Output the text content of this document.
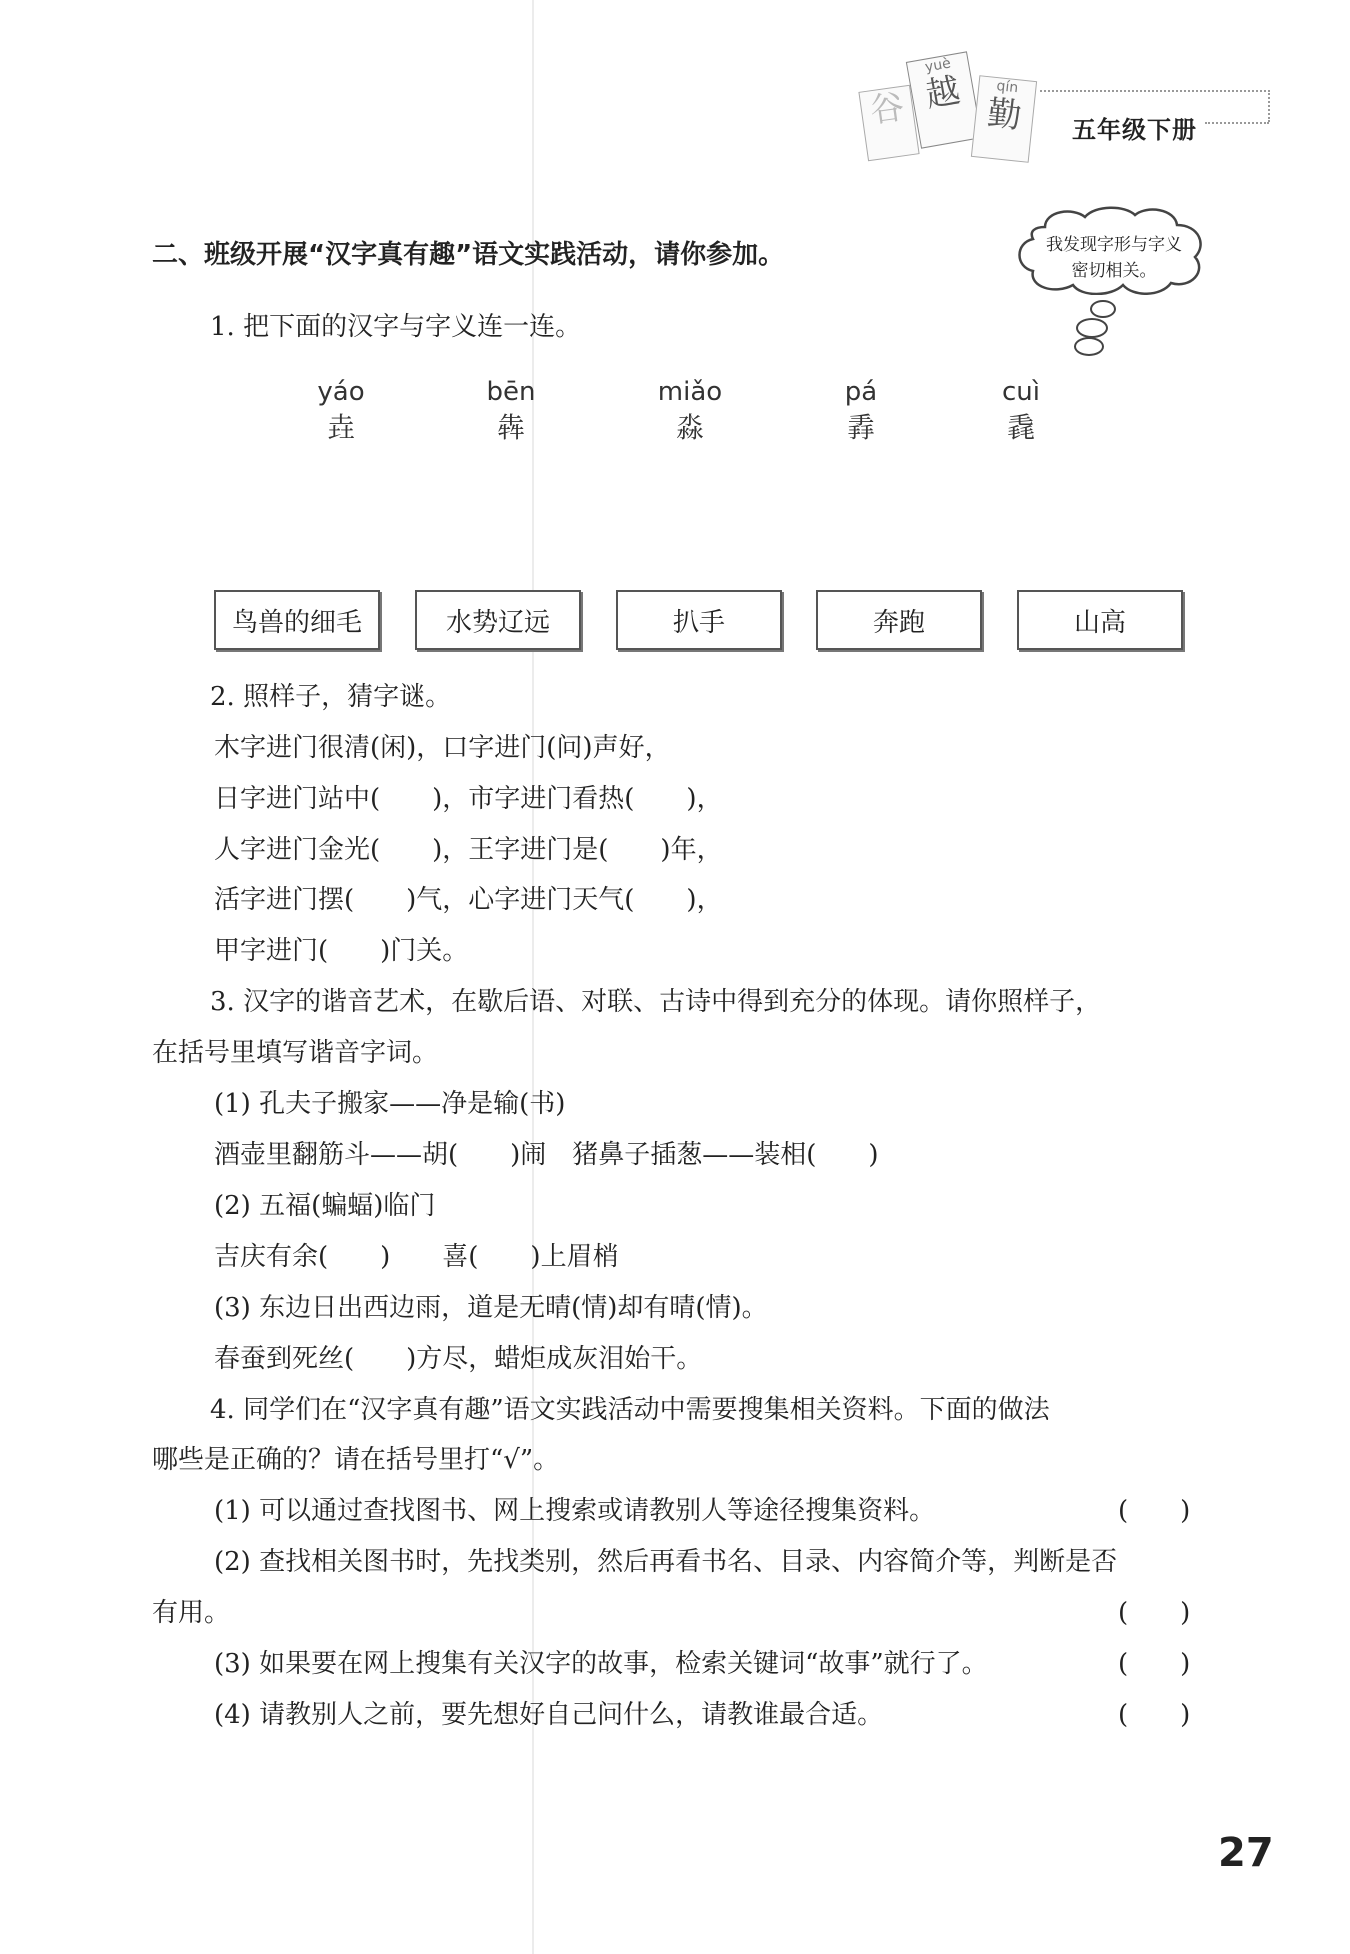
谷
yuè
越	qín
勤	五年级下册
我发现字形与字义密切相关。
二、班级开展“汉字真有趣”语文实践活动，请你参加。
1. 把下面的汉字与字义连一连。
yáo
垚
bēn
犇
miǎo
淼
pá
掱
cuì
毳
鸟兽的细毛	水势辽远	扒手	奔跑	山高
2. 照样子，猜字谜。
木字进门很清(闲)，口字进门(问)声好，
日字进门站中(　　)，市字进门看热(　　)，
人字进门金光(　　)，王字进门是(　　)年，
活字进门摆(　　)气，心字进门天气(　　)，
甲字进门(　　)门关。
3. 汉字的谐音艺术，在歇后语、对联、古诗中得到充分的体现。请你照样子，
在括号里填写谐音字词。
(1) 孔夫子搬家——净是输(书)
酒壶里翻筋斗——胡(　　)闹　猪鼻子插葱——装相(　　)
(2) 五福(蝙蝠)临门
吉庆有余(　　)　　喜(　　)上眉梢
(3) 东边日出西边雨，道是无晴(情)却有晴(情)。
春蚕到死丝(　　)方尽，蜡炬成灰泪始干。
4. 同学们在“汉字真有趣”语文实践活动中需要搜集相关资料。下面的做法
哪些是正确的？请在括号里打“√”。
(1) 可以通过查找图书、网上搜索或请教别人等途径搜集资料。	(　　)
(2) 查找相关图书时，先找类别，然后再看书名、目录、内容简介等，判断是否
有用。	(　　)
(3) 如果要在网上搜集有关汉字的故事，检索关键词“故事”就行了。	(　　)
(4) 请教别人之前，要先想好自己问什么，请教谁最合适。	(　　)
27
